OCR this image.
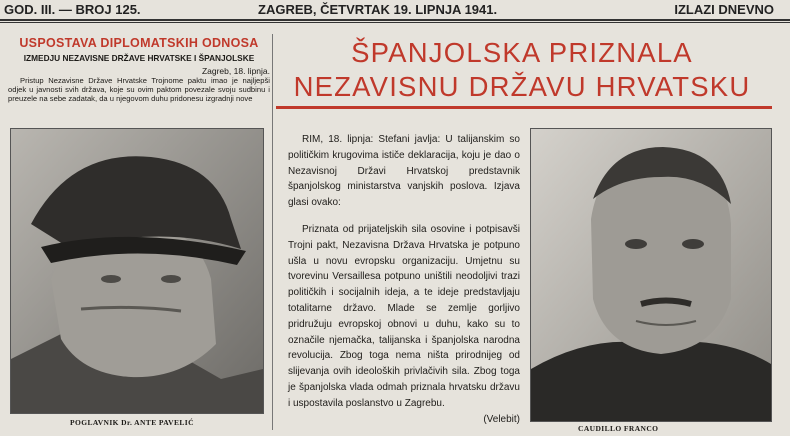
GOD. III. — BROJ 125.	ZAGREB, ČETVRTAK 19. LIPNJA 1941.	IZLAZI DNEVNO
USPOSTAVA DIPLOMATSKIH ODNOSA
IZMEDJU NEZAVISNE DRŽAVE HRVATSKE I ŠPANJOLSKE
Zagreb, 18. lipnja.
Pristup Nezavisne Države Hrvatske Trojnome paktu imao je najljepši odjek u javnosti svih država, koje su ovim paktom povezale svoju sudbinu i preuzele na sebe zadatak, da u njegovom duhu pridonesu izgradnji nove
POGLAVNIK Dr. ANTE PAVELIĆ
ŠPANJOLSKA PRIZNALA
NEZAVISNU DRŽAVU HRVATSKU

RIM, 18. lipnja: Stefani javlja: U talijanskim so političkim krugovima ističe deklaracija, koju je dao o Nezavisnoj Državi Hrvatskoj predstavnik španjolskog ministarstva vanjskih poslova. Izjava glasi ovako:

Priznata od prijateljskih sila osovine i potpisavši Trojni pakt, Nezavisna Država Hrvatska je potpuno ušla u novu evropsku organizaciju. Umjetnu su tvorevinu Versaillesa potpuno uništili neodoljivi trazi političkih i socijalnih ideja, a te ideje predstavljaju totalitarne državo. Mlade se zemlje gorljivo pridružuju evropskoj obnovi u duhu, kako su to označile njemačka, talijanska i španjolska narodna revolucija. Zbog toga nema ništa prirodnijeg od slijevanja ovih ideoloških privlačivih sila. Zbog toga je španjolska vlada odmah priznala hrvatsku državu i uspostavila poslanstvo u Zagrebu.

(Velebit)

CAUDILLO FRANCO
